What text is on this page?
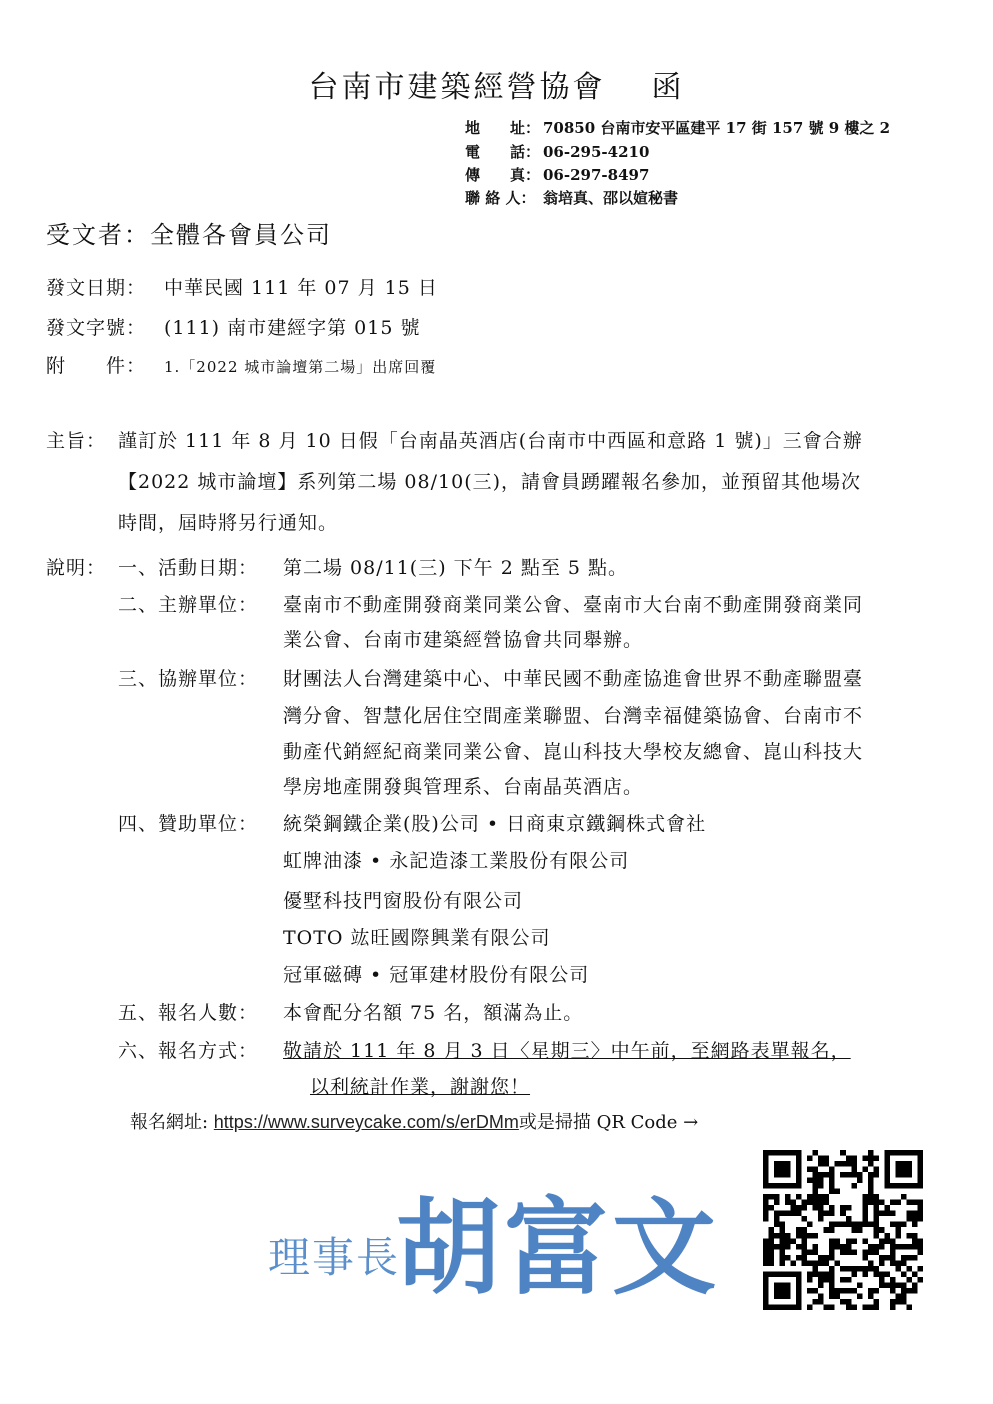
台南市建築經營協會 函
地　　址： 70850 台南市安平區建平 17 街 157 號 9 樓之 2
電　　話： 06-295-4210
傳　　真： 06-297-8497
聯 絡 人： 翁培真、邵以媗秘書
受文者：全體各會員公司
發文日期： 中華民國 111 年 07 月 15 日
發文字號： (111) 南市建經字第 015 號
附　　件： 1.「2022 城市論壇第二場」出席回覆
主旨： 謹訂於 111 年 8 月 10 日假「台南晶英酒店(台南市中西區和意路 1 號)」三會合辦
【2022 城市論壇】系列第二場 08/10(三)，請會員踴躍報名參加，並預留其他場次
時間，屆時將另行通知。
說明： 一、活動日期： 第二場 08/11(三) 下午 2 點至 5 點。
二、主辦單位： 臺南市不動產開發商業同業公會、臺南市大台南不動產開發商業同
業公會、台南市建築經營協會共同舉辦。
三、協辦單位： 財團法人台灣建築中心、中華民國不動產協進會世界不動產聯盟臺
灣分會、智慧化居住空間產業聯盟、台灣幸福健築協會、台南市不
動產代銷經紀商業同業公會、崑山科技大學校友總會、崑山科技大
學房地產開發與管理系、台南晶英酒店。
四、贊助單位： 統榮鋼鐵企業(股)公司 • 日商東京鐵鋼株式會社
虹牌油漆 • 永記造漆工業股份有限公司
優墅科技門窗股份有限公司
TOTO 竑旺國際興業有限公司
冠軍磁磚 • 冠軍建材股份有限公司
五、報名人數： 本會配分名額 75 名，額滿為止。
六、報名方式： 敬請於 111 年 8 月 3 日〈星期三〉中午前，至網路表單報名，
以利統計作業，謝謝您！
報名網址: https://www.surveycake.com/s/erDMm或是掃描 QR Code →
理事長
胡富文
